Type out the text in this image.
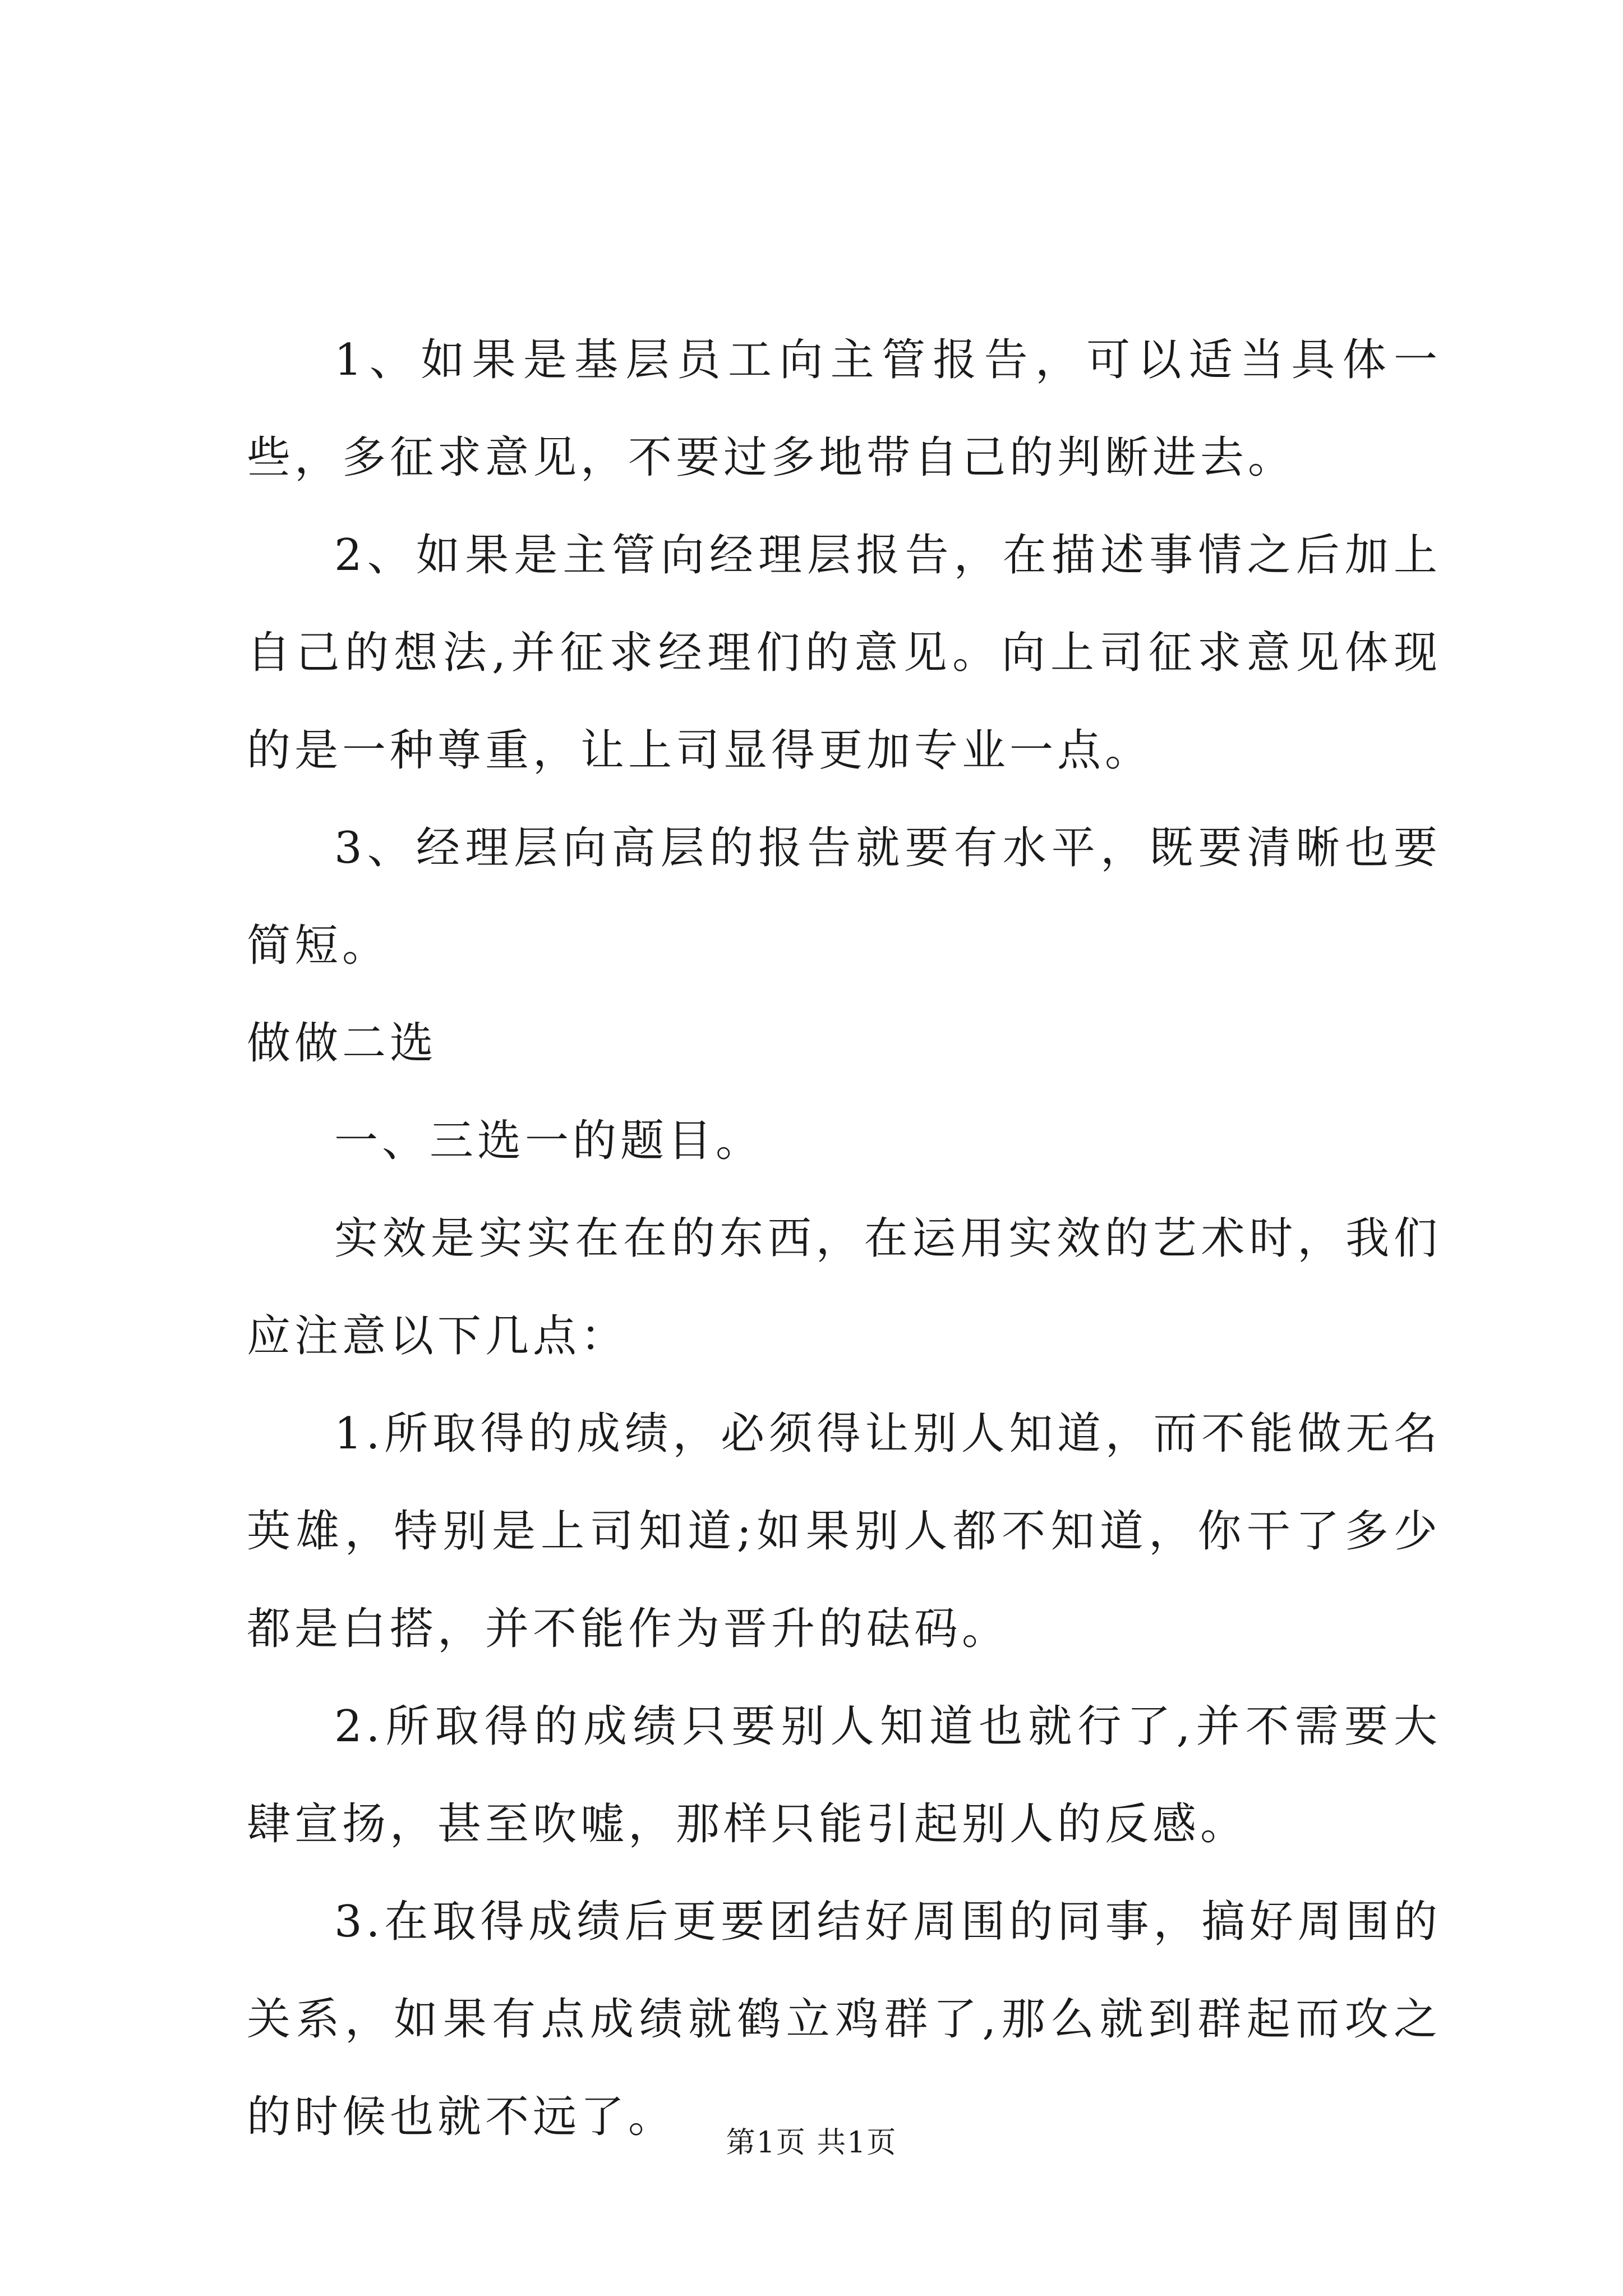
1、如果是基层员工向主管报告，可以适当具体一些，多征求意见，不要过多地带自己的判断进去。

2、如果是主管向经理层报告，在描述事情之后加上自己的想法,并征求经理们的意见。向上司征求意见体现的是一种尊重，让上司显得更加专业一点。

3、经理层向高层的报告就要有水平，既要清晰也要简短。

做做二选

一、三选一的题目。

实效是实实在在的东西，在运用实效的艺术时，我们应注意以下几点：

1.所取得的成绩，必须得让别人知道，而不能做无名英雄，特别是上司知道;如果别人都不知道，你干了多少都是白搭，并不能作为晋升的砝码。

2.所取得的成绩只要别人知道也就行了,并不需要大肆宣扬，甚至吹嘘，那样只能引起别人的反感。

3.在取得成绩后更要团结好周围的同事，搞好周围的关系，如果有点成绩就鹤立鸡群了,那么就到群起而攻之的时候也就不远了。

第1页 共1页
